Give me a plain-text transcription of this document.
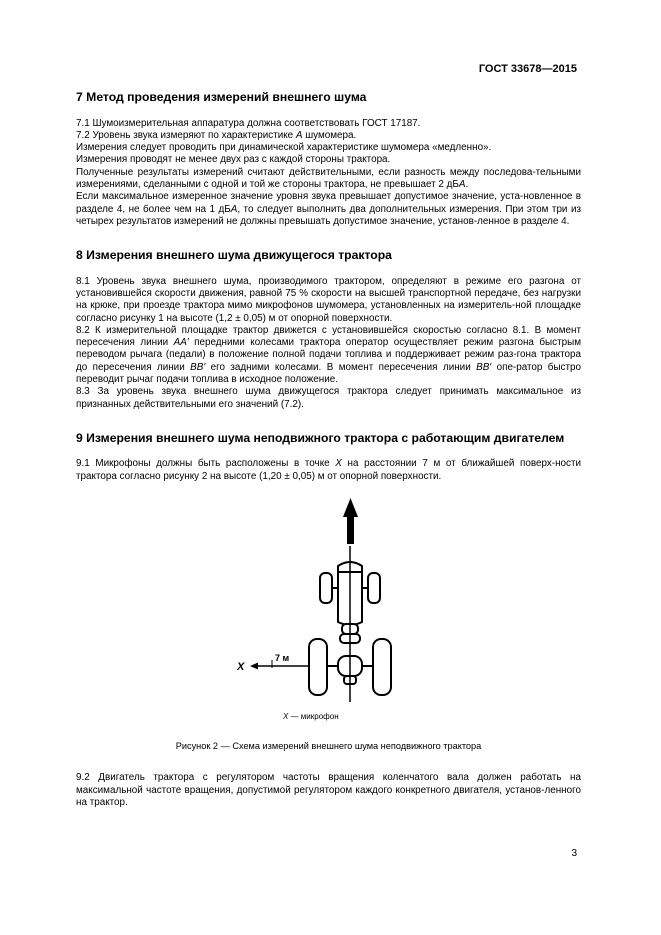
ГОСТ 33678—2015
7 Метод проведения измерений внешнего шума

7.1 Шумоизмерительная аппаратура должна соответствовать ГОСТ 17187.

7.2 Уровень звука измеряют по характеристике А шумомера.

Измерения следует проводить при динамической характеристике шумомера «медленно».

Измерения проводят не менее двух раз с каждой стороны трактора.

Полученные результаты измерений считают действительными, если разность между последова-тельными измерениями, сделанными с одной и той же стороны трактора, не превышает 2 дБА.

Если максимальное измеренное значение уровня звука превышает допустимое значение, уста-новленное в разделе 4, не более чем на 1 дБА, то следует выполнить два дополнительных измерения. При этом три из четырех результатов измерений не должны превышать допустимое значение, установ-ленное в разделе 4.

8 Измерения внешнего шума движущегося трактора

8.1 Уровень звука внешнего шума, производимого трактором, определяют в режиме его разгона от установившейся скорости движения, равной 75 % скорости на высшей транспортной передаче, без нагрузки на крюке, при проезде трактора мимо микрофонов шумомера, установленных на измеритель-ной площадке согласно рисунку 1 на высоте (1,2 ± 0,05) м от опорной поверхности.

8.2 К измерительной площадке трактор движется с установившейся скоростью согласно 8.1. В момент пересечения линии АА' передними колесами трактора оператор осуществляет режим разгона быстрым переводом рычага (педали) в положение полной подачи топлива и поддерживает режим раз-гона трактора до пересечения линии ВВ' его задними колесами. В момент пересечения линии ВВ' опе-ратор быстро переводит рычаг подачи топлива в исходное положение.

8.3 За уровень звука внешнего шума движущегося трактора следует принимать максимальное из признанных действительными его значений (7.2).

9 Измерения внешнего шума неподвижного трактора с работающим двигателем

9.1 Микрофоны должны быть расположены в точке X на расстоянии 7 м от ближайшей поверх-ности трактора согласно рисунку 2 на высоте (1,20 ± 0,05) м от опорной поверхности.

X
7 м
X — микрофон
Рисунок 2 — Схема измерений внешнего шума неподвижного трактора

9.2 Двигатель трактора с регулятором частоты вращения коленчатого вала должен работать на максимальной частоте вращения, допустимой регулятором каждого конкретного двигателя, установ-ленного на трактор.

3
